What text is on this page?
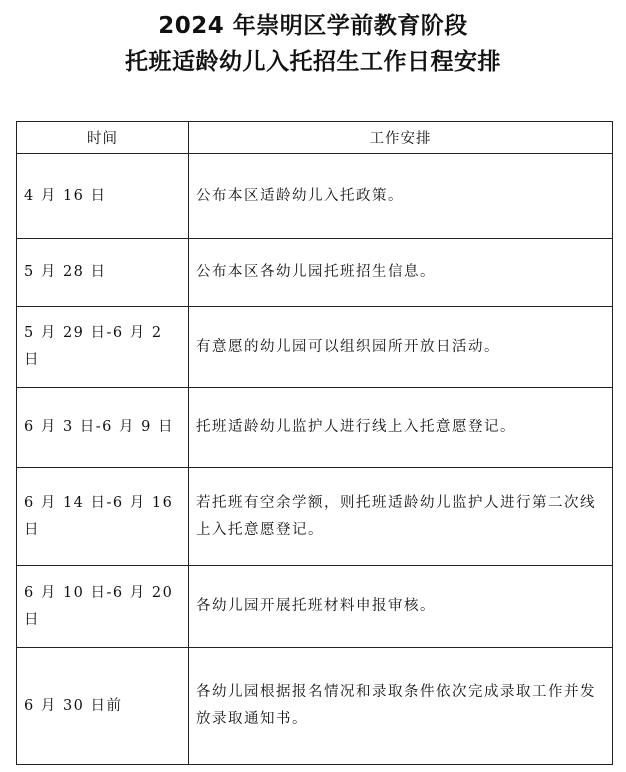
2024 年崇明区学前教育阶段
托班适龄幼儿入托招生工作日程安排
时间	工作安排
4 月 16 日	公布本区适龄幼儿入托政策。
5 月 28 日	公布本区各幼儿园托班招生信息。
5 月 29 日-6 月 2 日	有意愿的幼儿园可以组织园所开放日活动。
6 月 3 日-6 月 9 日	托班适龄幼儿监护人进行线上入托意愿登记。
6 月 14 日-6 月 16 日	若托班有空余学额，则托班适龄幼儿监护人进行第二次线上入托意愿登记。
6 月 10 日-6 月 20 日	各幼儿园开展托班材料申报审核。
6 月 30 日前	各幼儿园根据报名情况和录取条件依次完成录取工作并发放录取通知书。
